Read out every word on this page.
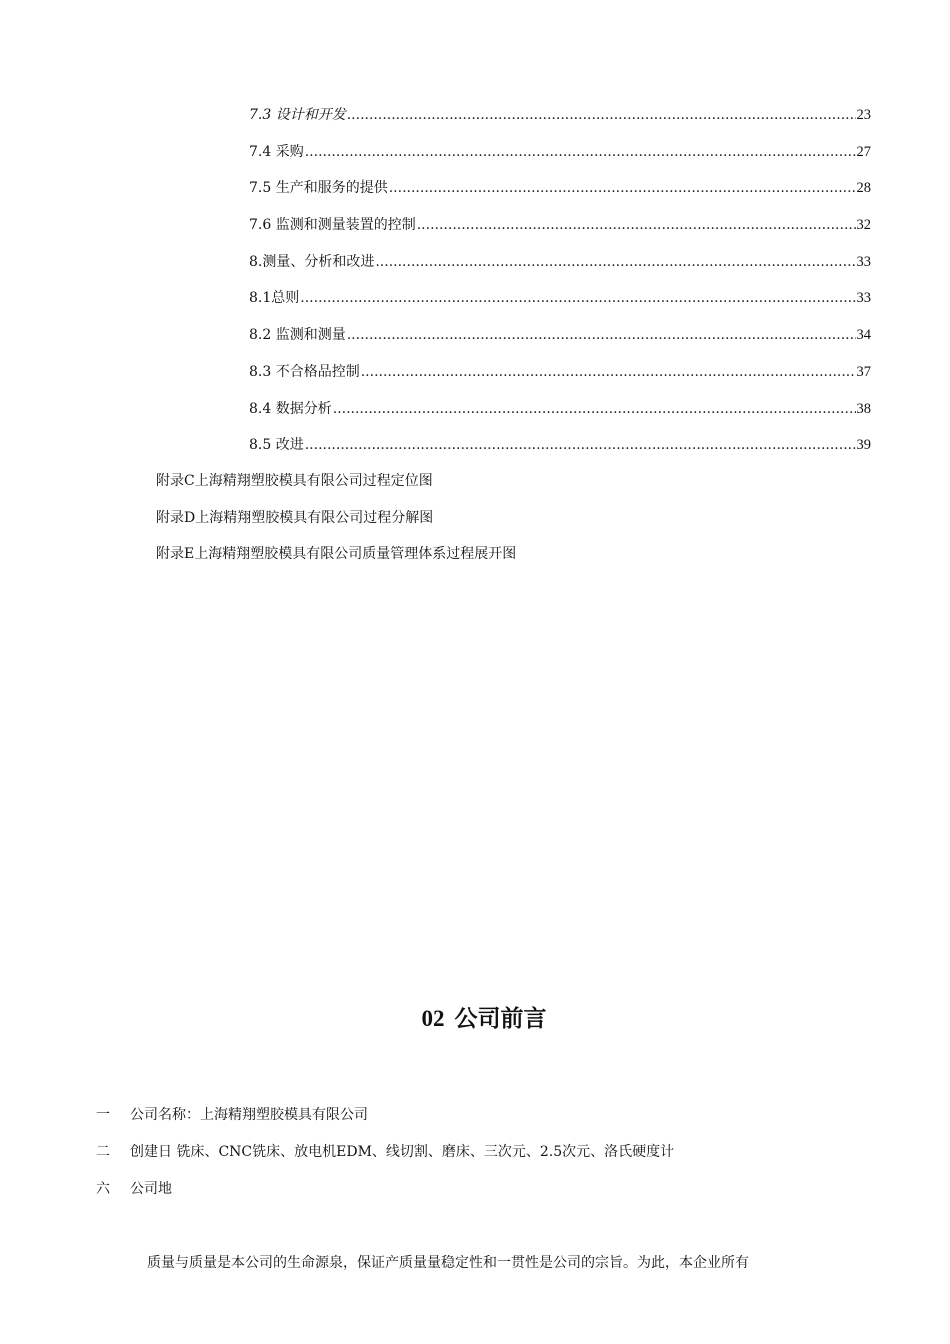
7.3 设计和开发 .....	23
7.4 采购 .....	27
7.5 生产和服务的提供 .....	28
7.6 监测和测量装置的控制 .....	32
8.测量、分析和改进 .....	33
8.1总则 .....	33
8.2 监测和测量 .....	34
8.3 不合格品控制 .....	37
8.4 数据分析 .....	38
8.5 改进 .....	39
附录C上海精翔塑胶模具有限公司过程定位图
附录D上海精翔塑胶模具有限公司过程分解图
附录E上海精翔塑胶模具有限公司质量管理体系过程展开图
02 公司前言
一	公司名称：上海精翔塑胶模具有限公司
二	创建日 铣床、CNC铣床、放电机EDM、线切割、磨床、三次元、2.5次元、洛氏硬度计
六	公司地
质量与质量是本公司的生命源泉，保证产质量量稳定性和一贯性是公司的宗旨。为此，本企业所有
